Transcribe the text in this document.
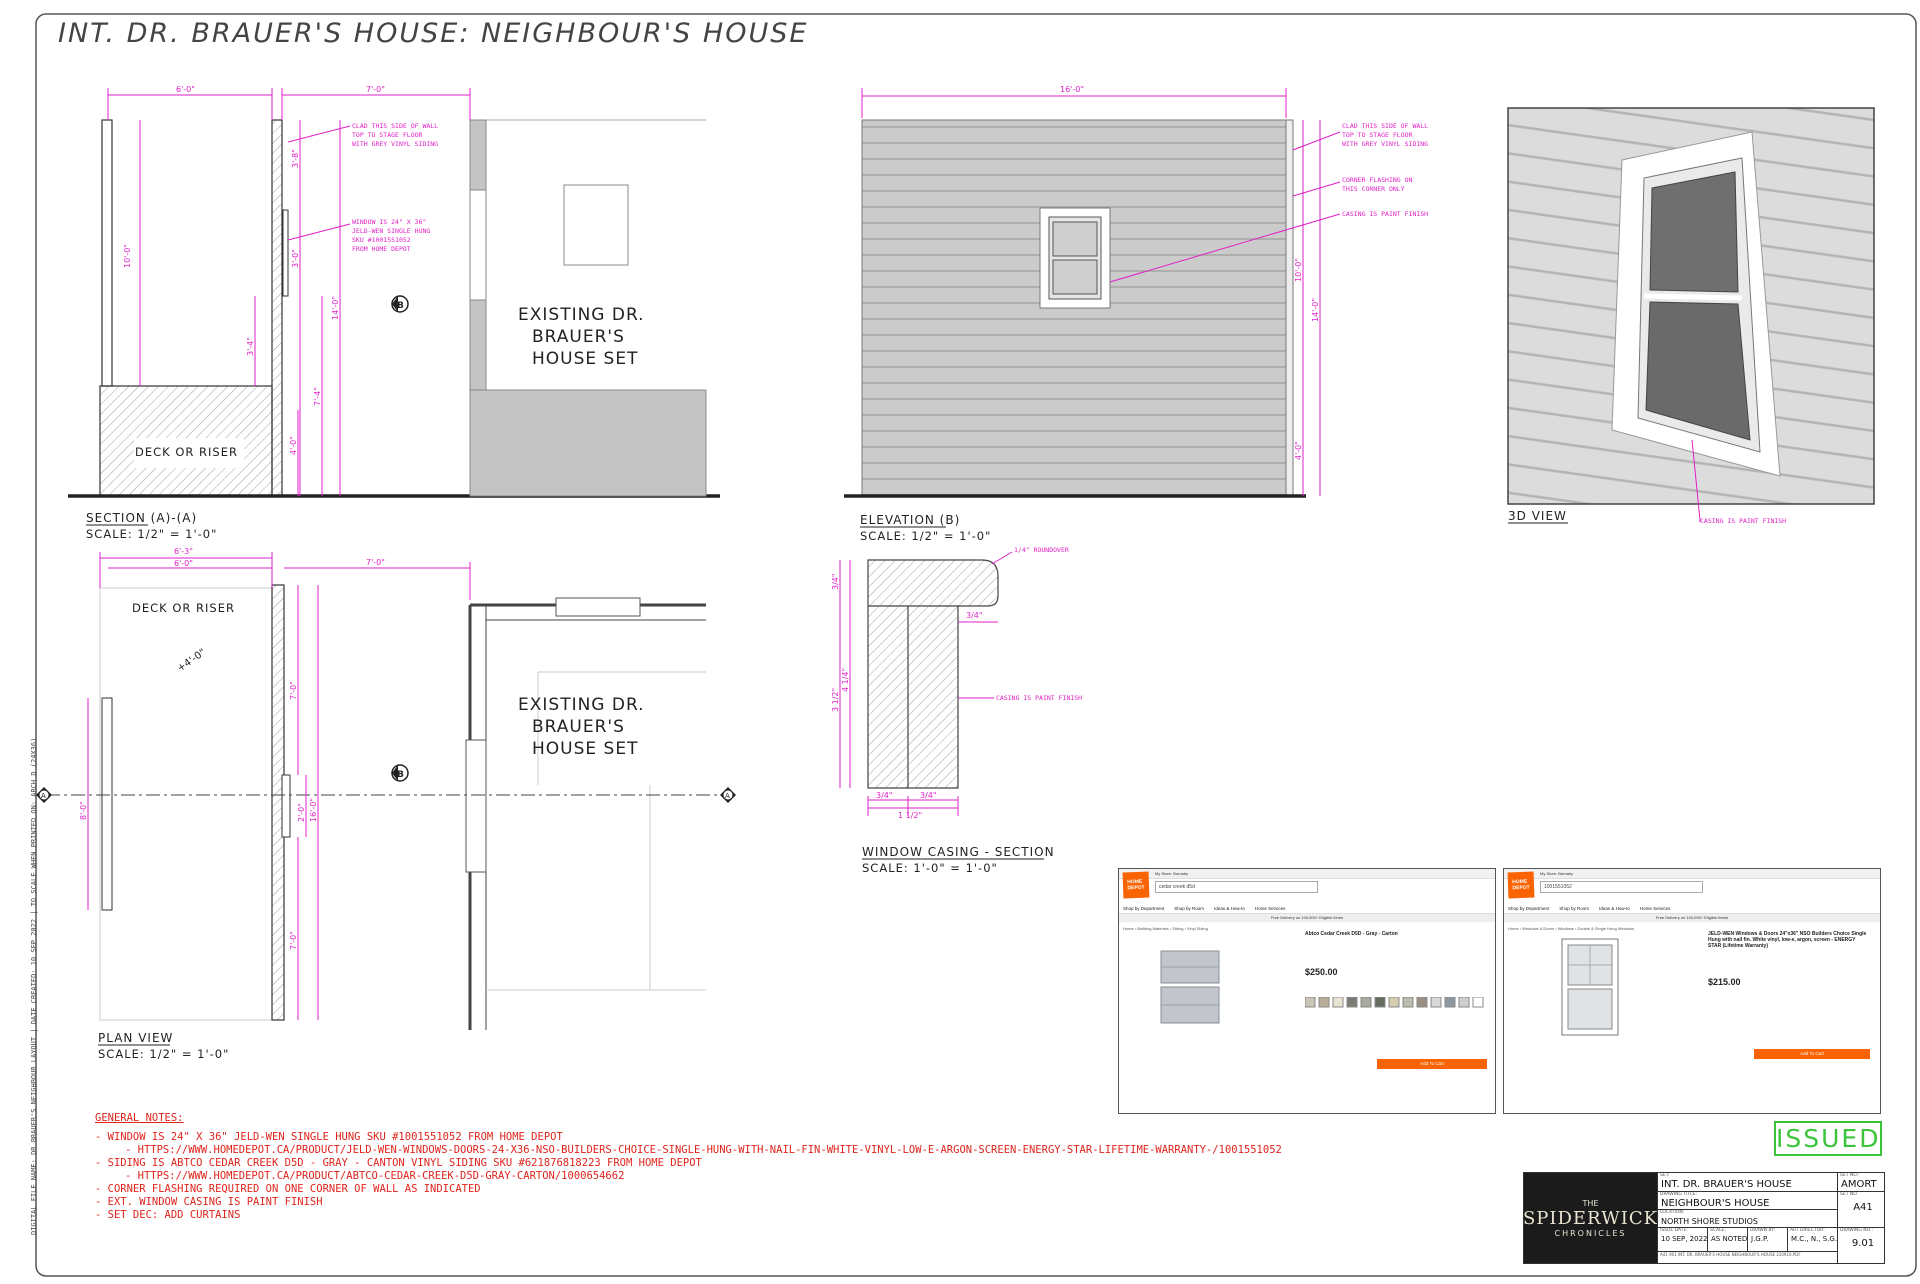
INT. DR. BRAUER'S HOUSE: NEIGHBOUR'S HOUSE
DECK OR RISER
EXISTING DR.
BRAUER'S
HOUSE SET
6'-0"	7'-0"
3'-8"
3'-0"
10'-0"
3'-4"
14'-0"
7'-4"
4'-0"
CLAD THIS SIDE OF WALL
TOP TO STAGE FLOOR
WITH GREY VINYL SIDING
WINDOW IS 24" X 36"
JELD-WEN SINGLE HUNG
SKU #1001551052
FROM HOME DEPOT
B
SECTION (A)-(A)
SCALE: 1/2" = 1'-0"
16'-0"
10'-0"
14'-0"
4'-0"
CLAD THIS SIDE OF WALL
TOP TO STAGE FLOOR
WITH GREY VINYL SIDING
CORNER FLASHING ON
THIS CORNER ONLY
CASING IS PAINT FINISH
ELEVATION (B)
SCALE: 1/2" = 1'-0"
CASING IS PAINT FINISH
3D VIEW
DECK OR RISER
+4'-0"
EXISTING DR.
BRAUER'S
HOUSE SET
A	A
B
6'-3"
6'-0"	7'-0"
7'-0"
2'-0" 16'-0"
7'-0"
8'-0"
PLAN VIEW
SCALE: 1/2" = 1'-0"
3/4"
4 1/4"
3 1/2"
3/4"
3/4"	3/4"
1 1/2"
1/4" ROUNDOVER
CASING IS PAINT FINISH
WINDOW CASING - SECTION
SCALE: 1'-0" = 1'-0"	My Store: Burnaby
HOME
DEPOT	cedar creek d5d
Shop by Department Shop by Room Ideas & How-to Home Services
Free Delivery on 100,000+ Eligible Items
Home › Building Materials › Siding › Vinyl Siding
Abtco Cedar Creek D5D - Gray - Carton
$250.00
Add To Cart
My Store: Burnaby
HOME
DEPOT	1001551052
Shop by Department Shop by Room Ideas & How-to Home Services
Free Delivery on 100,000+ Eligible Items
Home › Windows & Doors › Windows › Double & Single Hung Windows
JELD-WEN Windows & Doors 24"x36" NSO Builders Choice Single Hung with nail fin. White vinyl, low-e, argon, screen - ENERGY STAR (Lifetime Warranty)
$215.00
Add To Cart
GENERAL NOTES:
- WINDOW IS 24" X 36" JELD-WEN SINGLE HUNG SKU #1001551052 FROM HOME DEPOT
- HTTPS://WWW.HOMEDEPOT.CA/PRODUCT/JELD-WEN-WINDOWS-DOORS-24-X36-NSO-BUILDERS-CHOICE-SINGLE-HUNG-WITH-NAIL-FIN-WHITE-VINYL-LOW-E-ARGON-SCREEN-ENERGY-STAR-LIFETIME-WARRANTY-/1001551052
- SIDING IS ABTCO CEDAR CREEK D5D - GRAY - CANTON VINYL SIDING SKU #621876818223 FROM HOME DEPOT
- HTTPS://WWW.HOMEDEPOT.CA/PRODUCT/ABTCO-CEDAR-CREEK-D5D-GRAY-CARTON/1000654662
- CORNER FLASHING REQUIRED ON ONE CORNER OF WALL AS INDICATED
- EXT. WINDOW CASING IS PAINT FINISH
- SET DEC: ADD CURTAINS
ISSUED
THE
SPIDERWICK
CHRONICLES
SET:
INT. DR. BRAUER'S HOUSE
SET NO.:
AMORT
DRAWING TITLE:
NEIGHBOUR'S HOUSE
SET NO.
A41
LOCATION:
NORTH SHORE STUDIOS
ISSUE DATE:
10 SEP, 2022
SCALE:
AS NOTED
DRAWN BY:
J.G.P.
ART DIRECTOR:
M.C., N., S.G.
DRAWING NO.:
9.01
A41 901 INT. DR. BRAUER'S HOUSE NEIGHBOUR'S HOUSE 220910.PDF
DIGITAL FILE NAME: DR BRAUER'S NEIGHBOUR LAYOUT | DATE CREATED: 10 SEP 2022 | TO SCALE WHEN PRINTED ON: ARCH D (24X36)
